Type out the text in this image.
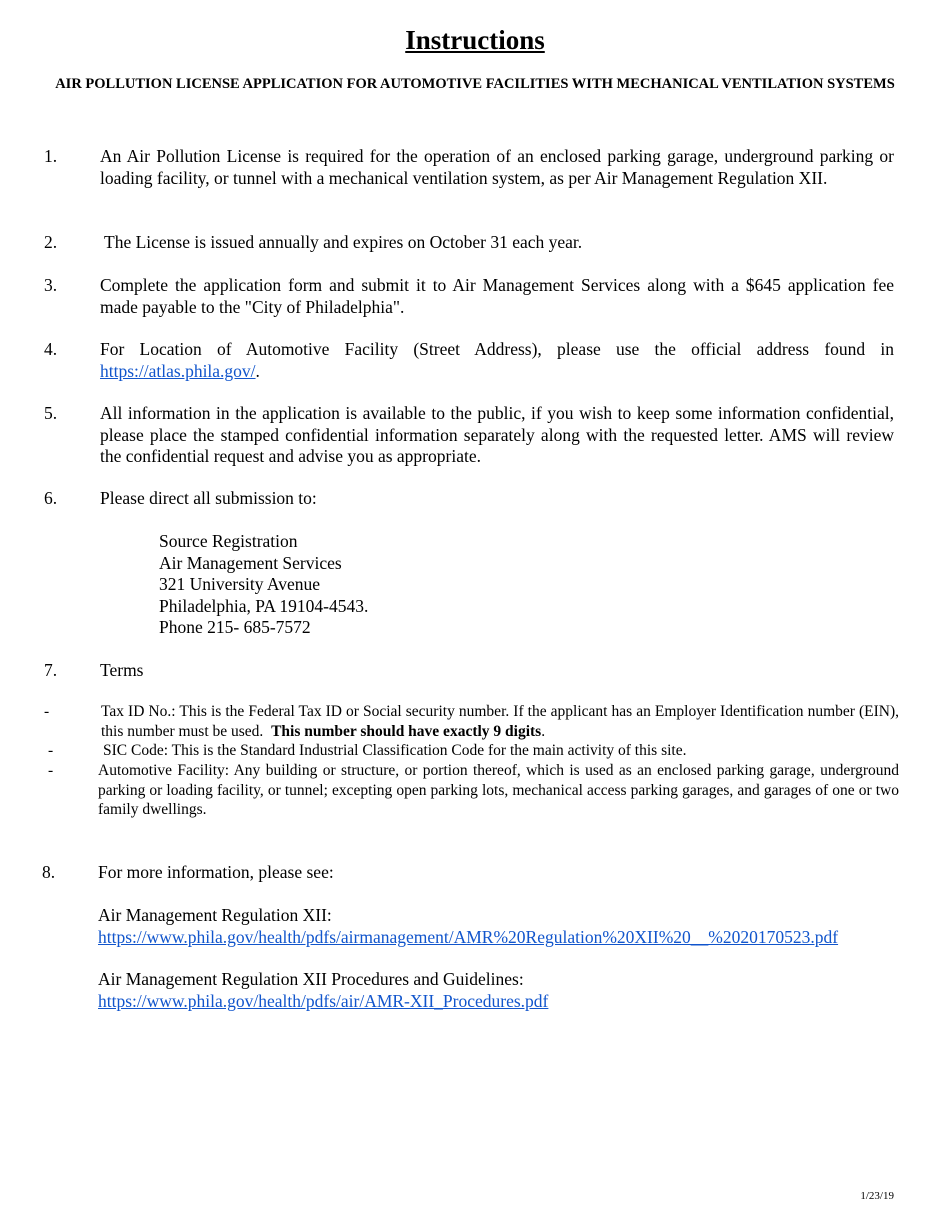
Instructions
AIR POLLUTION LICENSE APPLICATION FOR AUTOMOTIVE FACILITIES WITH MECHANICAL VENTILATION SYSTEMS
1. An Air Pollution License is required for the operation of an enclosed parking garage, underground parking or loading facility, or tunnel with a mechanical ventilation system, as per Air Management Regulation XII.
2.	The License is issued annually and expires on October 31 each year.
3. Complete the application form and submit it to Air Management Services along with a $645 application fee made payable to the "City of Philadelphia".
4. For Location of Automotive Facility (Street Address), please use the official address found in https://atlas.phila.gov/.
5. All information in the application is available to the public, if you wish to keep some information confidential, please place the stamped confidential information separately along with the requested letter. AMS will review the confidential request and advise you as appropriate.
6. Please direct all submission to:
Source Registration
Air Management Services
321 University Avenue
Philadelphia, PA 19104-4543.
Phone 215- 685-7572
7. Terms
-	Tax ID No.: This is the Federal Tax ID or Social security number. If the applicant has an Employer Identification number (EIN), this number must be used. This number should have exactly 9 digits.
-	SIC Code: This is the Standard Industrial Classification Code for the main activity of this site.
-	Automotive Facility: Any building or structure, or portion thereof, which is used as an enclosed parking garage, underground parking or loading facility, or tunnel; excepting open parking lots, mechanical access parking garages, and garages of one or two family dwellings.
8. For more information, please see:
Air Management Regulation XII:
https://www.phila.gov/health/pdfs/airmanagement/AMR%20Regulation%20XII%20__%2020170523.pdf
Air Management Regulation XII Procedures and Guidelines:
https://www.phila.gov/health/pdfs/air/AMR-XII_Procedures.pdf
1/23/19
